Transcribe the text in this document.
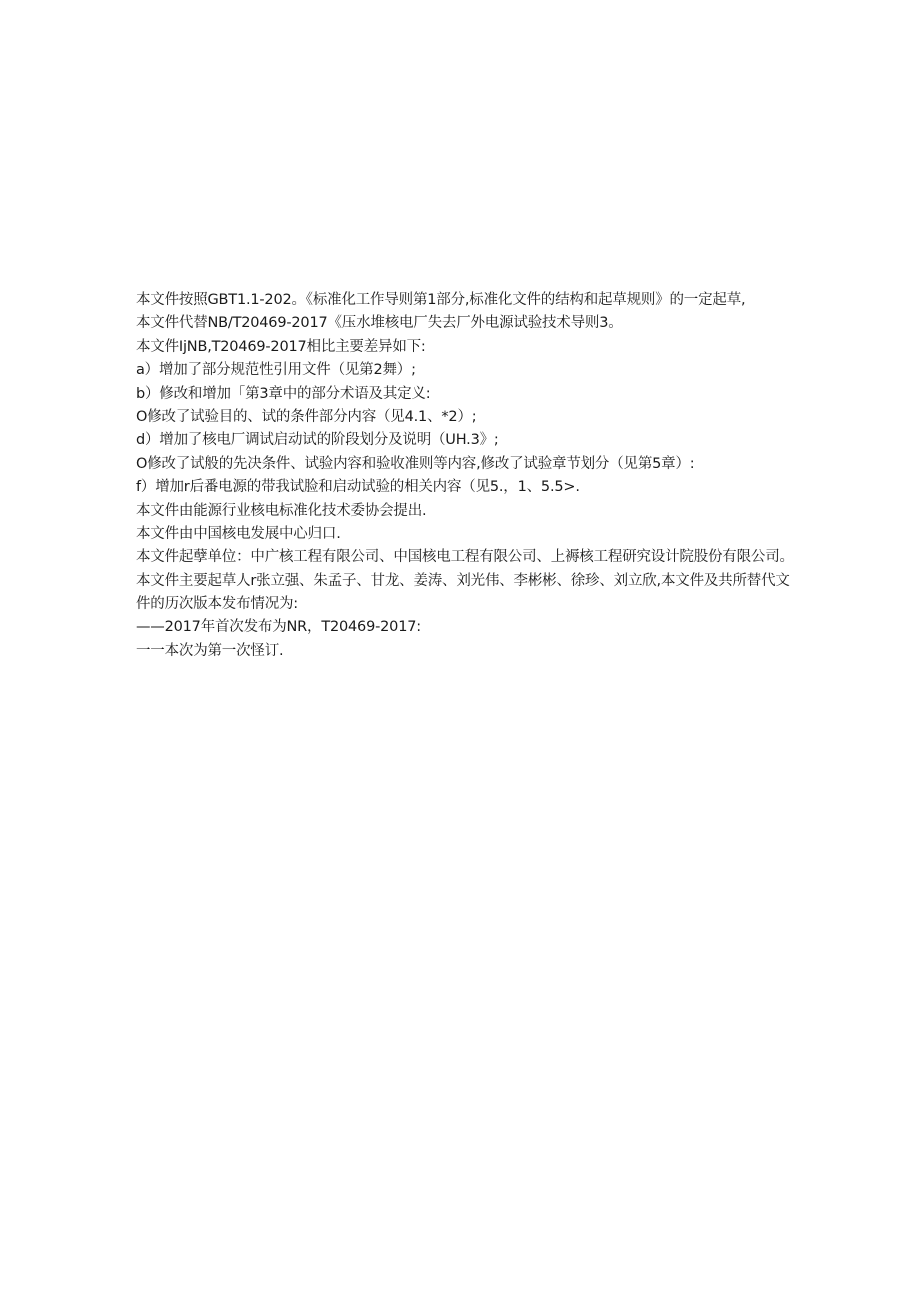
本文件按照GBT1.1-202。《标准化工作导则第1部分,标准化文件的结构和起草规则》的一定起草,
本文件代替NB/T20469-2017《压水堆核电厂失去厂外电源试验技术导则3。
本文件IjNB,T20469-2017相比主要差异如下:
a）增加了部分规范性引用文件（见第2舞）;
b）修改和增加「第3章中的部分术语及其定义:
O修改了试验目的、试的条件部分内容（见4.1、*2）;
d）增加了核电厂调试启动试的阶段划分及说明（UH.3》;
O修改了试般的先决条件、试验内容和验收准则等内容,修改了试验章节划分（见第5章）:
f）增加r后番电源的带我试脸和启动试验的相关内容（见5.，1、5.5>.
本文件由能源行业核电标准化技术委协会提出.
本文件由中国核电发展中心归口.
本文件起孽单位：中广核工程有限公司、中国核电工程有限公司、上褥核工程研究设计院股份有限公司。
本文件主要起草人r张立强、朱孟子、甘龙、姜涛、刘光伟、李彬彬、徐珍、刘立欣,本文件及共所替代文
件的历次版本发布情况为:
——2017年首次发布为NR，T20469-2017:
一一本次为第一次怪订.
